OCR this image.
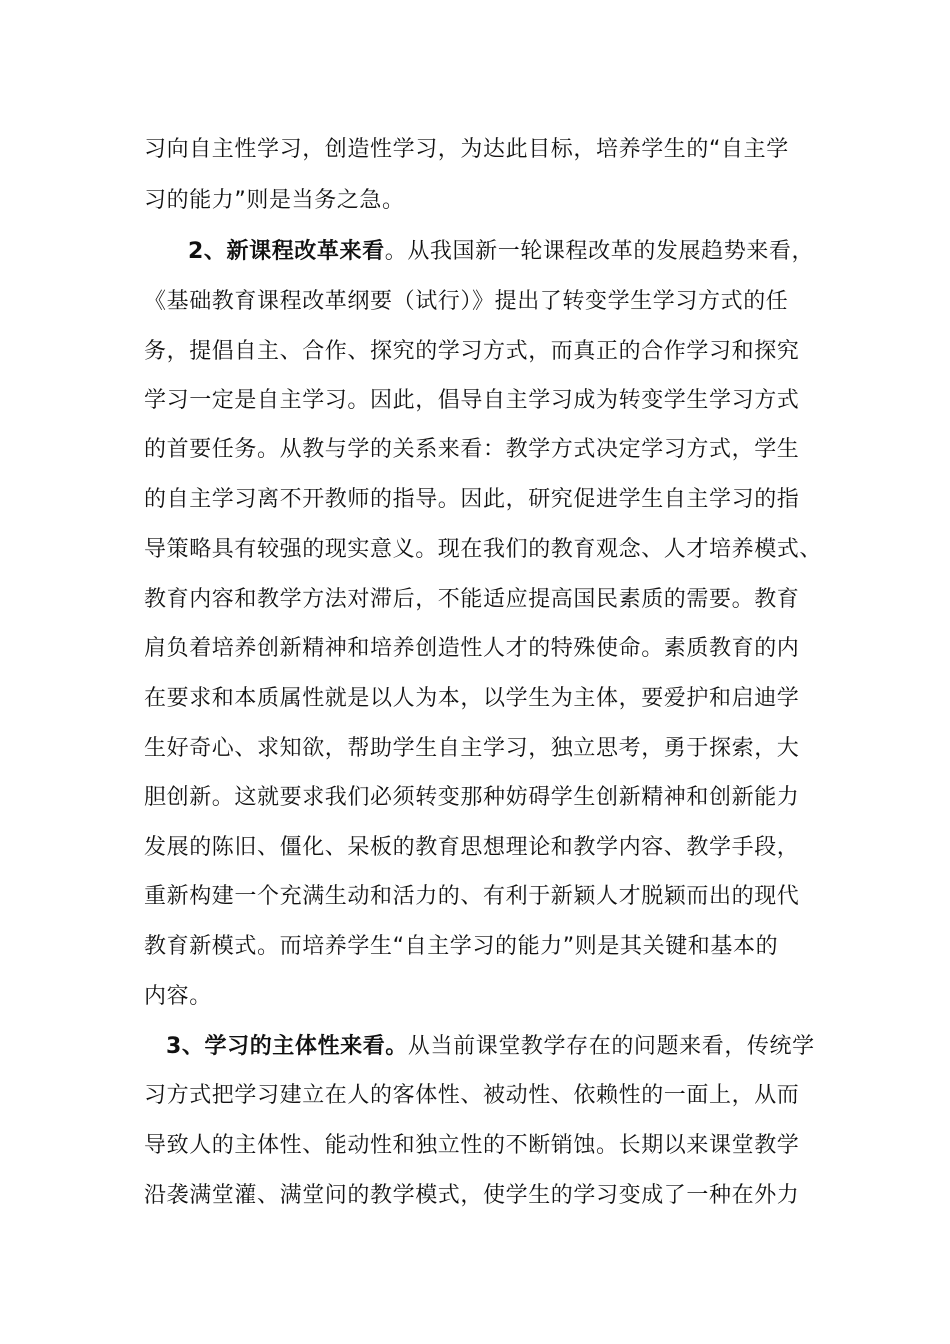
习向自主性学习，创造性学习，为达此目标，培养学生的“自主学
习的能力”则是当务之急。
2、新课程改革来看。从我国新一轮课程改革的发展趋势来看，
《基础教育课程改革纲要（试行）》提出了转变学生学习方式的任
务，提倡自主、合作、探究的学习方式，而真正的合作学习和探究
学习一定是自主学习。因此，倡导自主学习成为转变学生学习方式
的首要任务。从教与学的关系来看：教学方式决定学习方式，学生
的自主学习离不开教师的指导。因此，研究促进学生自主学习的指
导策略具有较强的现实意义。现在我们的教育观念、人才培养模式、
教育内容和教学方法对滞后，不能适应提高国民素质的需要。教育
肩负着培养创新精神和培养创造性人才的特殊使命。素质教育的内
在要求和本质属性就是以人为本，以学生为主体，要爱护和启迪学
生好奇心、求知欲，帮助学生自主学习，独立思考，勇于探索，大
胆创新。这就要求我们必须转变那种妨碍学生创新精神和创新能力
发展的陈旧、僵化、呆板的教育思想理论和教学内容、教学手段，
重新构建一个充满生动和活力的、有利于新颖人才脱颖而出的现代
教育新模式。而培养学生“自主学习的能力”则是其关键和基本的
内容。
3、学习的主体性来看。从当前课堂教学存在的问题来看，传统学
习方式把学习建立在人的客体性、被动性、依赖性的一面上，从而
导致人的主体性、能动性和独立性的不断销蚀。长期以来课堂教学
沿袭满堂灌、满堂问的教学模式，使学生的学习变成了一种在外力
